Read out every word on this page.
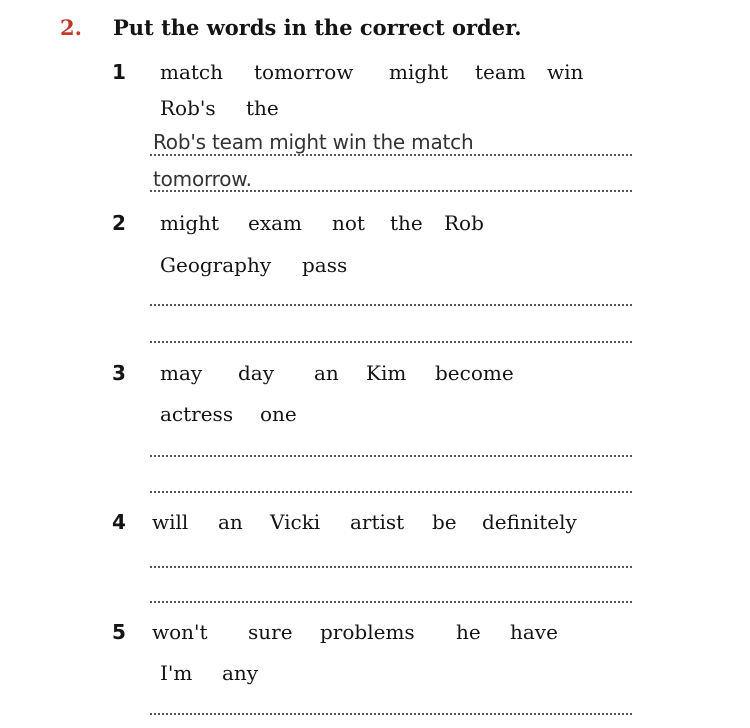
2. Put the words in the correct order.
1 match tomorrow might team win
Rob's the
Rob's team might win the match
tomorrow.
2 might exam not the Rob
Geography pass
3 may day an Kim become
actress one
4 will an Vicki artist be definitely
5 won't sure problems he have
I'm any
